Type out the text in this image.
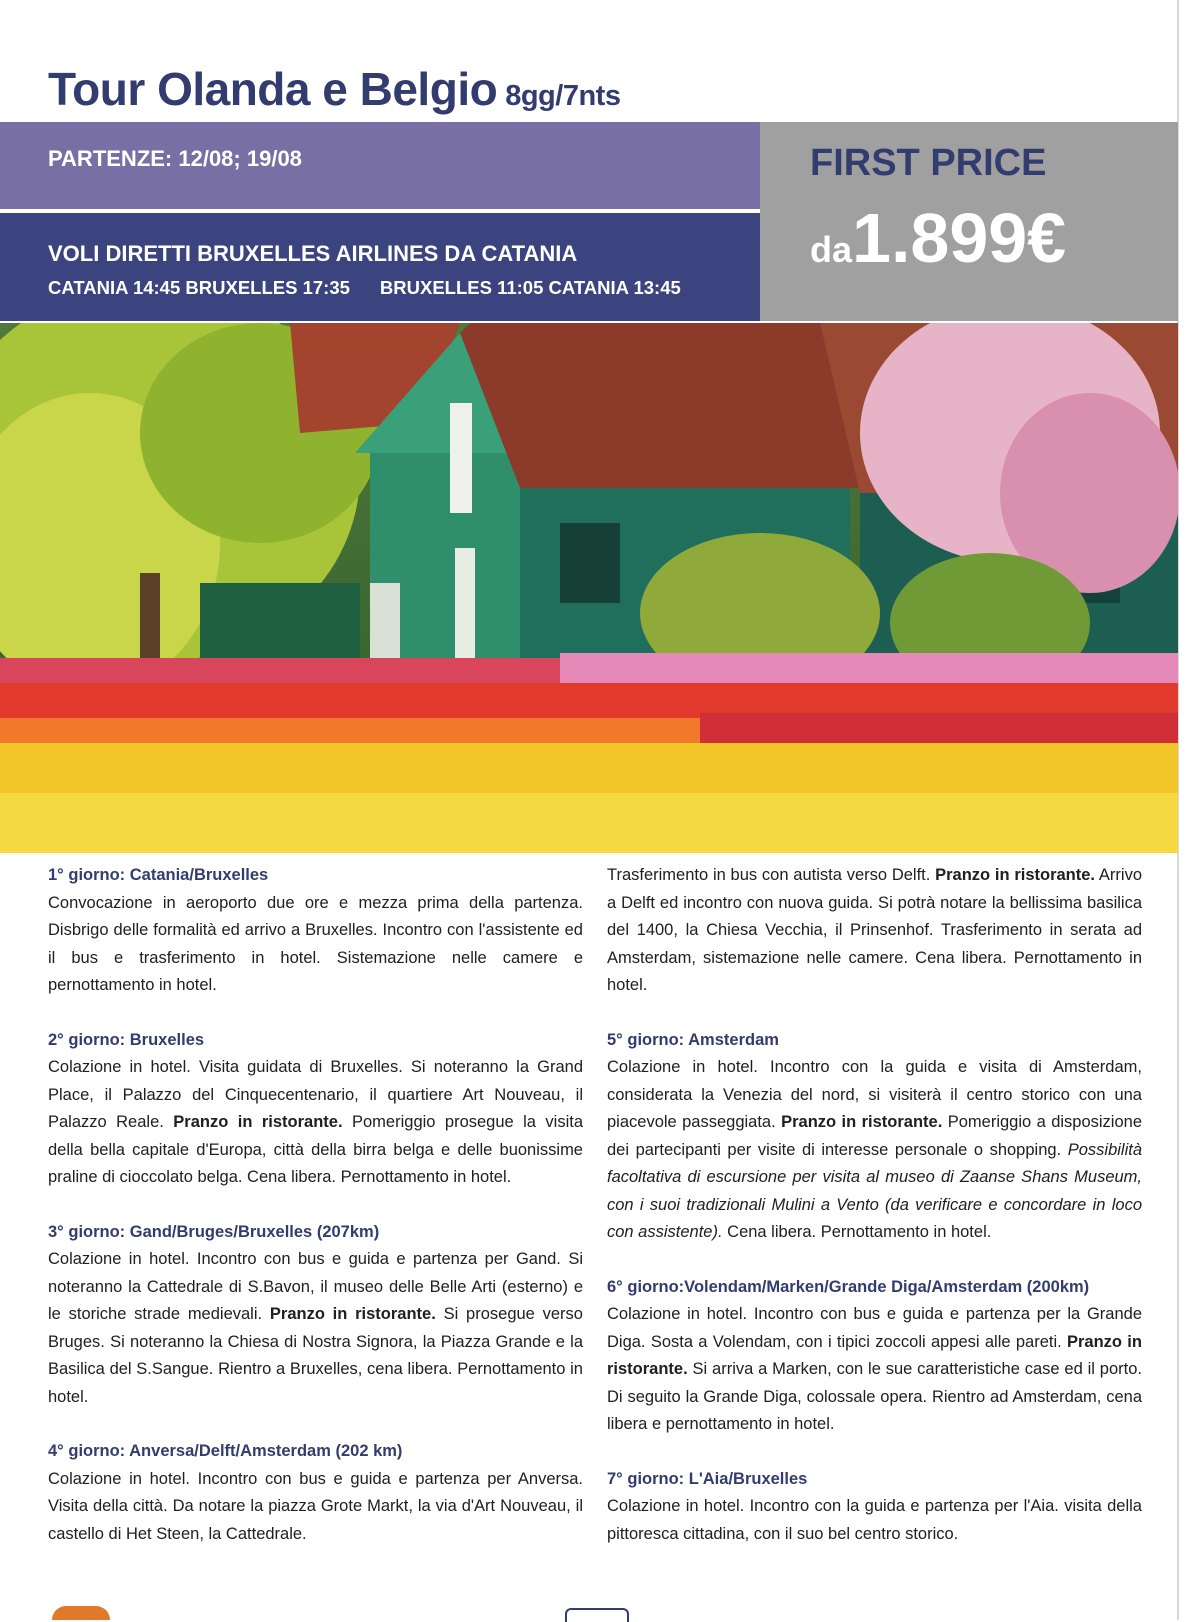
Tour Olanda e Belgio 8gg/7nts
PARTENZE: 12/08; 19/08
VOLI DIRETTI BRUXELLES AIRLINES DA CATANIA
CATANIA 14:45 BRUXELLES 17:35 BRUXELLES 11:05 CATANIA 13:45
FIRST PRICE
da1.899€
1° giorno: Catania/Bruxelles

Convocazione in aeroporto due ore e mezza prima della partenza. Disbrigo delle formalità ed arrivo a Bruxelles. Incontro con l'assistente ed il bus e trasferimento in hotel. Sistemazione nelle camere e pernottamento in hotel.

2° giorno: Bruxelles

Colazione in hotel. Visita guidata di Bruxelles. Si noteranno la Grand Place, il Palazzo del Cinquecentenario, il quartiere Art Nouveau, il Palazzo Reale. Pranzo in ristorante. Pomeriggio prosegue la visita della bella capitale d'Europa, città della birra belga e delle buonissime praline di cioccolato belga. Cena libera. Pernottamento in hotel.

3° giorno: Gand/Bruges/Bruxelles (207km)

Colazione in hotel. Incontro con bus e guida e partenza per Gand. Si noteranno la Cattedrale di S.Bavon, il museo delle Belle Arti (esterno) e le storiche strade medievali. Pranzo in ristorante. Si prosegue verso Bruges. Si noteranno la Chiesa di Nostra Signora, la Piazza Grande e la Basilica del S.Sangue. Rientro a Bruxelles, cena libera. Pernottamento in hotel.

4° giorno: Anversa/Delft/Amsterdam (202 km)

Colazione in hotel. Incontro con bus e guida e partenza per Anversa. Visita della città. Da notare la piazza Grote Markt, la via d'Art Nouveau, il castello di Het Steen, la Cattedrale.

Trasferimento in bus con autista verso Delft. Pranzo in ristorante. Arrivo a Delft ed incontro con nuova guida. Si potrà notare la bellissima basilica del 1400, la Chiesa Vecchia, il Prinsenhof. Trasferimento in serata ad Amsterdam, sistemazione nelle camere. Cena libera. Pernottamento in hotel.

5° giorno: Amsterdam

Colazione in hotel. Incontro con la guida e visita di Amsterdam, considerata la Venezia del nord, si visiterà il centro storico con una piacevole passeggiata. Pranzo in ristorante. Pomeriggio a disposizione dei partecipanti per visite di interesse personale o shopping. Possibilità facoltativa di escursione per visita al museo di Zaanse Shans Museum, con i suoi tradizionali Mulini a Vento (da verificare e concordare in loco con assistente). Cena libera. Pernottamento in hotel.

6° giorno:Volendam/Marken/Grande Diga/Amsterdam (200km)

Colazione in hotel. Incontro con bus e guida e partenza per la Grande Diga. Sosta a Volendam, con i tipici zoccoli appesi alle pareti. Pranzo in ristorante. Si arriva a Marken, con le sue caratteristiche case ed il porto. Di seguito la Grande Diga, colossale opera. Rientro ad Amsterdam, cena libera e pernottamento in hotel.

7° giorno: L'Aia/Bruxelles

Colazione in hotel. Incontro con la guida e partenza per l'Aia. visita della pittoresca cittadina, con il suo bel centro storico.
